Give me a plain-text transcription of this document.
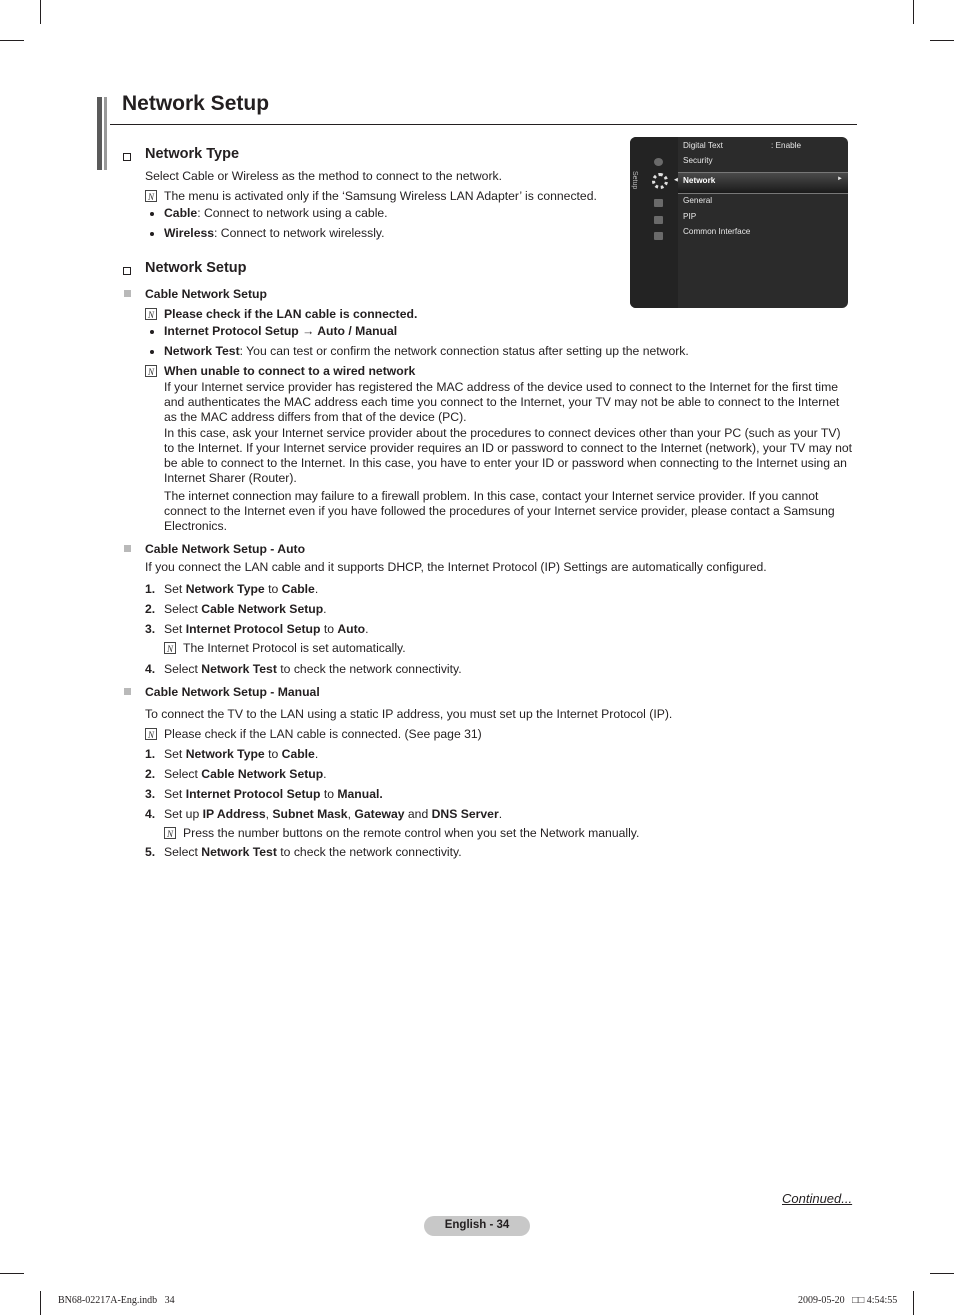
Network Setup
Setup
Digital Text	: Enable
Security
Network	►
◀
General
PIP
Common Interface
Network Type
Select Cable or Wireless as the method to connect to the network.
N The menu is activated only if the ‘Samsung Wireless LAN Adapter’ is connected.
Cable: Connect to network using a cable.
Wireless: Connect to network wirelessly.
Network Setup
Cable Network Setup
N Please check if the LAN cable is connected.
Internet Protocol Setup → Auto / Manual
Network Test: You can test or confirm the network connection status after setting up the network.
N When unable to connect to a wired network
If your Internet service provider has registered the MAC address of the device used to connect to the Internet for the first time
and authenticates the MAC address each time you connect to the Internet, your TV may not be able to connect to the Internet
as the MAC address differs from that of the device (PC).
In this case, ask your Internet service provider about the procedures to connect devices other than your PC (such as your TV)
to the Internet. If your Internet service provider requires an ID or password to connect to the Internet (network), your TV may not
be able to connect to the Internet. In this case, you have to enter your ID or password when connecting to the Internet using an
Internet Sharer (Router).
The internet connection may failure to a firewall problem. In this case, contact your Internet service provider. If you cannot
connect to the Internet even if you have followed the procedures of your Internet service provider, please contact a Samsung
Electronics.
Cable Network Setup - Auto
If you connect the LAN cable and it supports DHCP, the Internet Protocol (IP) Settings are automatically configured.
1. Set Network Type to Cable.
2. Select Cable Network Setup.
3. Set Internet Protocol Setup to Auto.
N The Internet Protocol is set automatically.
4. Select Network Test to check the network connectivity.
Cable Network Setup - Manual
To connect the TV to the LAN using a static IP address, you must set up the Internet Protocol (IP).
N Please check if the LAN cable is connected. (See page 31)
1. Set Network Type to Cable.
2. Select Cable Network Setup.
3. Set Internet Protocol Setup to Manual.
4. Set up IP Address, Subnet Mask, Gateway and DNS Server.
N Press the number buttons on the remote control when you set the Network manually.
5. Select Network Test to check the network connectivity.
Continued...
English - 34
BN68-02217A-Eng.indb   34	2009-05-20   □□ 4:54:55
